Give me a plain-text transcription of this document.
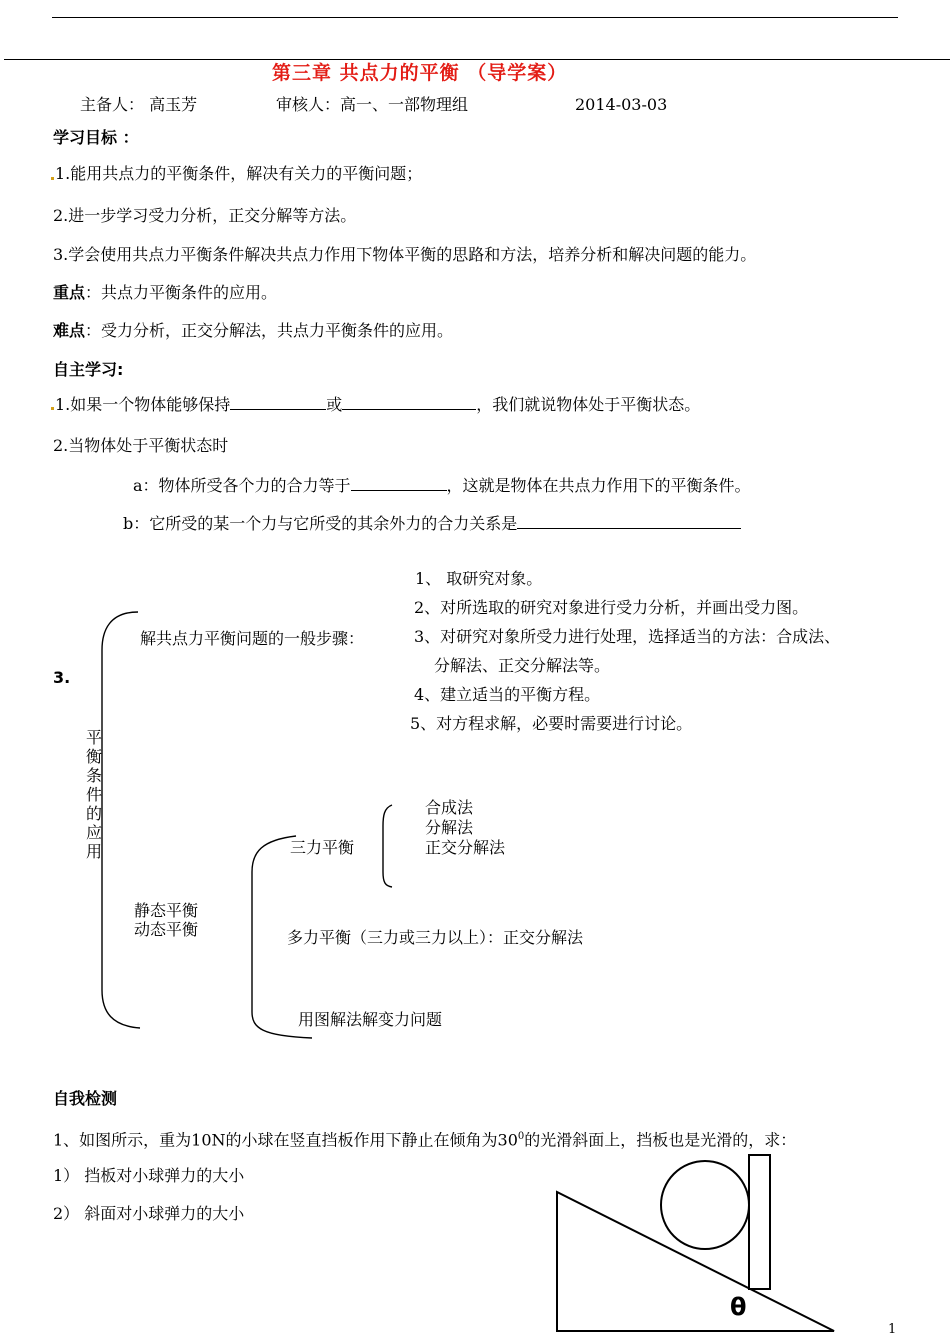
第三章 共点力的平衡 （导学案）
主备人： 高玉芳	审核人：高一、一部物理组	2014-03-03
学习目标 ：
1.能用共点力的平衡条件，解决有关力的平衡问题；
2.进一步学习受力分析，正交分解等方法。
3.学会使用共点力平衡条件解决共点力作用下物体平衡的思路和方法，培养分析和解决问题的能力。
重点：共点力平衡条件的应用。
难点：受力分析，正交分解法，共点力平衡条件的应用。
自主学习:
1.如果一个物体能够保持	或	，我们就说物体处于平衡状态。
2.当物体处于平衡状态时
a：物体所受各个力的合力等于	，这就是物体在共点力作用下的平衡条件。
b：它所受的某一个力与它所受的其余外力的合力关系是
3.
平衡条件的应用
解共点力平衡问题的一般步骤：
1、 取研究对象。
2、对所选取的研究对象进行受力分析，并画出受力图。
3、对研究对象所受力进行处理，选择适当的方法：合成法、
分解法、正交分解法等。
4、建立适当的平衡方程。
5、对方程求解，必要时需要进行讨论。
三力平衡
合成法
分解法
正交分解法
静态平衡
动态平衡	多力平衡（三力或三力以上）：正交分解法
用图解法解变力问题
自我检测
1、如图所示，重为10N的小球在竖直挡板作用下静止在倾角为$30^0$的光滑斜面上，挡板也是光滑的，求：
1） 挡板对小球弹力的大小
2） 斜面对小球弹力的大小
θ
1
